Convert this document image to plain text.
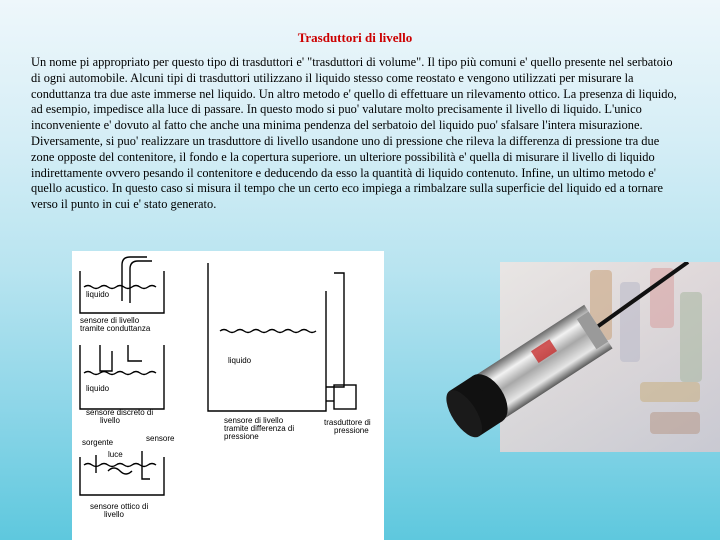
Trasduttori di livello
Un nome pi appropriato per questo tipo di trasduttori e' "trasduttori di volume". Il tipo più comuni e' quello presente nel serbatoio di ogni automobile. Alcuni tipi di trasduttori utilizzano il liquido stesso come reostato e vengono utilizzati per misurare la conduttanza tra due aste immerse nel liquido. Un altro metodo e' quello di effettuare un rilevamento ottico. La presenza di liquido, ad esempio, impedisce alla luce di passare. In questo modo si puo' valutare molto precisamente il livello di liquido. L'unico inconveniente e' dovuto al fatto che anche una minima pendenza del serbatoio del liquido puo' sfalsare l'intera misurazione. Diversamente, si puo' realizzare un trasduttore di livello usandone uno di pressione che rileva la differenza di pressione tra due zone opposte del contenitore, il fondo e la copertura superiore. un ulteriore possibilità e' quella di misurare il livello di liquido indirettamente ovvero pesando il contenitore e deducendo da esso la quantità di liquido contenuto. Infine, un ultimo metodo e' quello acustico. In questo caso si misura il tempo che un certo eco impiega a rimbalzare sulla superficie del liquido ed a tornare verso il punto in cui e' stato generato.
liquido
sensore di livello
tramite conduttanza
liquido
sensore discreto di
livello
sorgente
luce
sensore
sensore ottico di
livello
liquido
sensore di livello
tramite differenza di
pressione
trasduttore di
pressione
